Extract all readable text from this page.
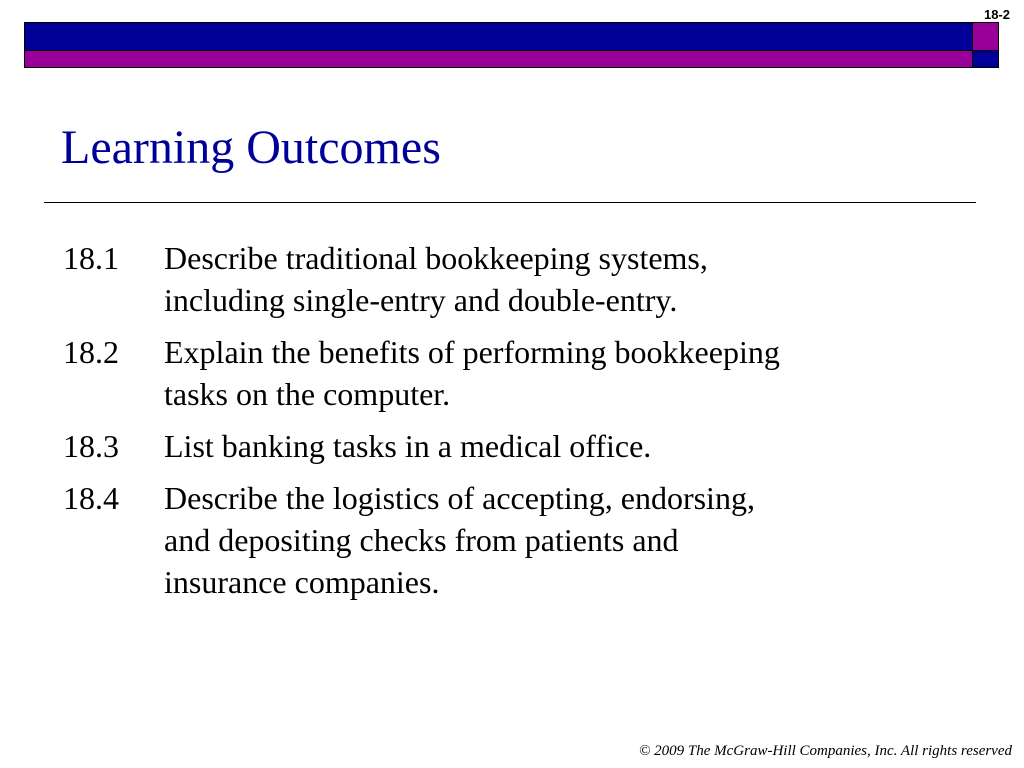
18-2
Learning Outcomes
18.1	Describe traditional bookkeeping systems,
including single-entry and double-entry.
18.2	Explain the benefits of performing bookkeeping
tasks on the computer.
18.3	List banking tasks in a medical office.
18.4	Describe the logistics of accepting, endorsing,
and depositing checks from patients and
insurance companies.
© 2009 The McGraw-Hill Companies, Inc. All rights reserved
